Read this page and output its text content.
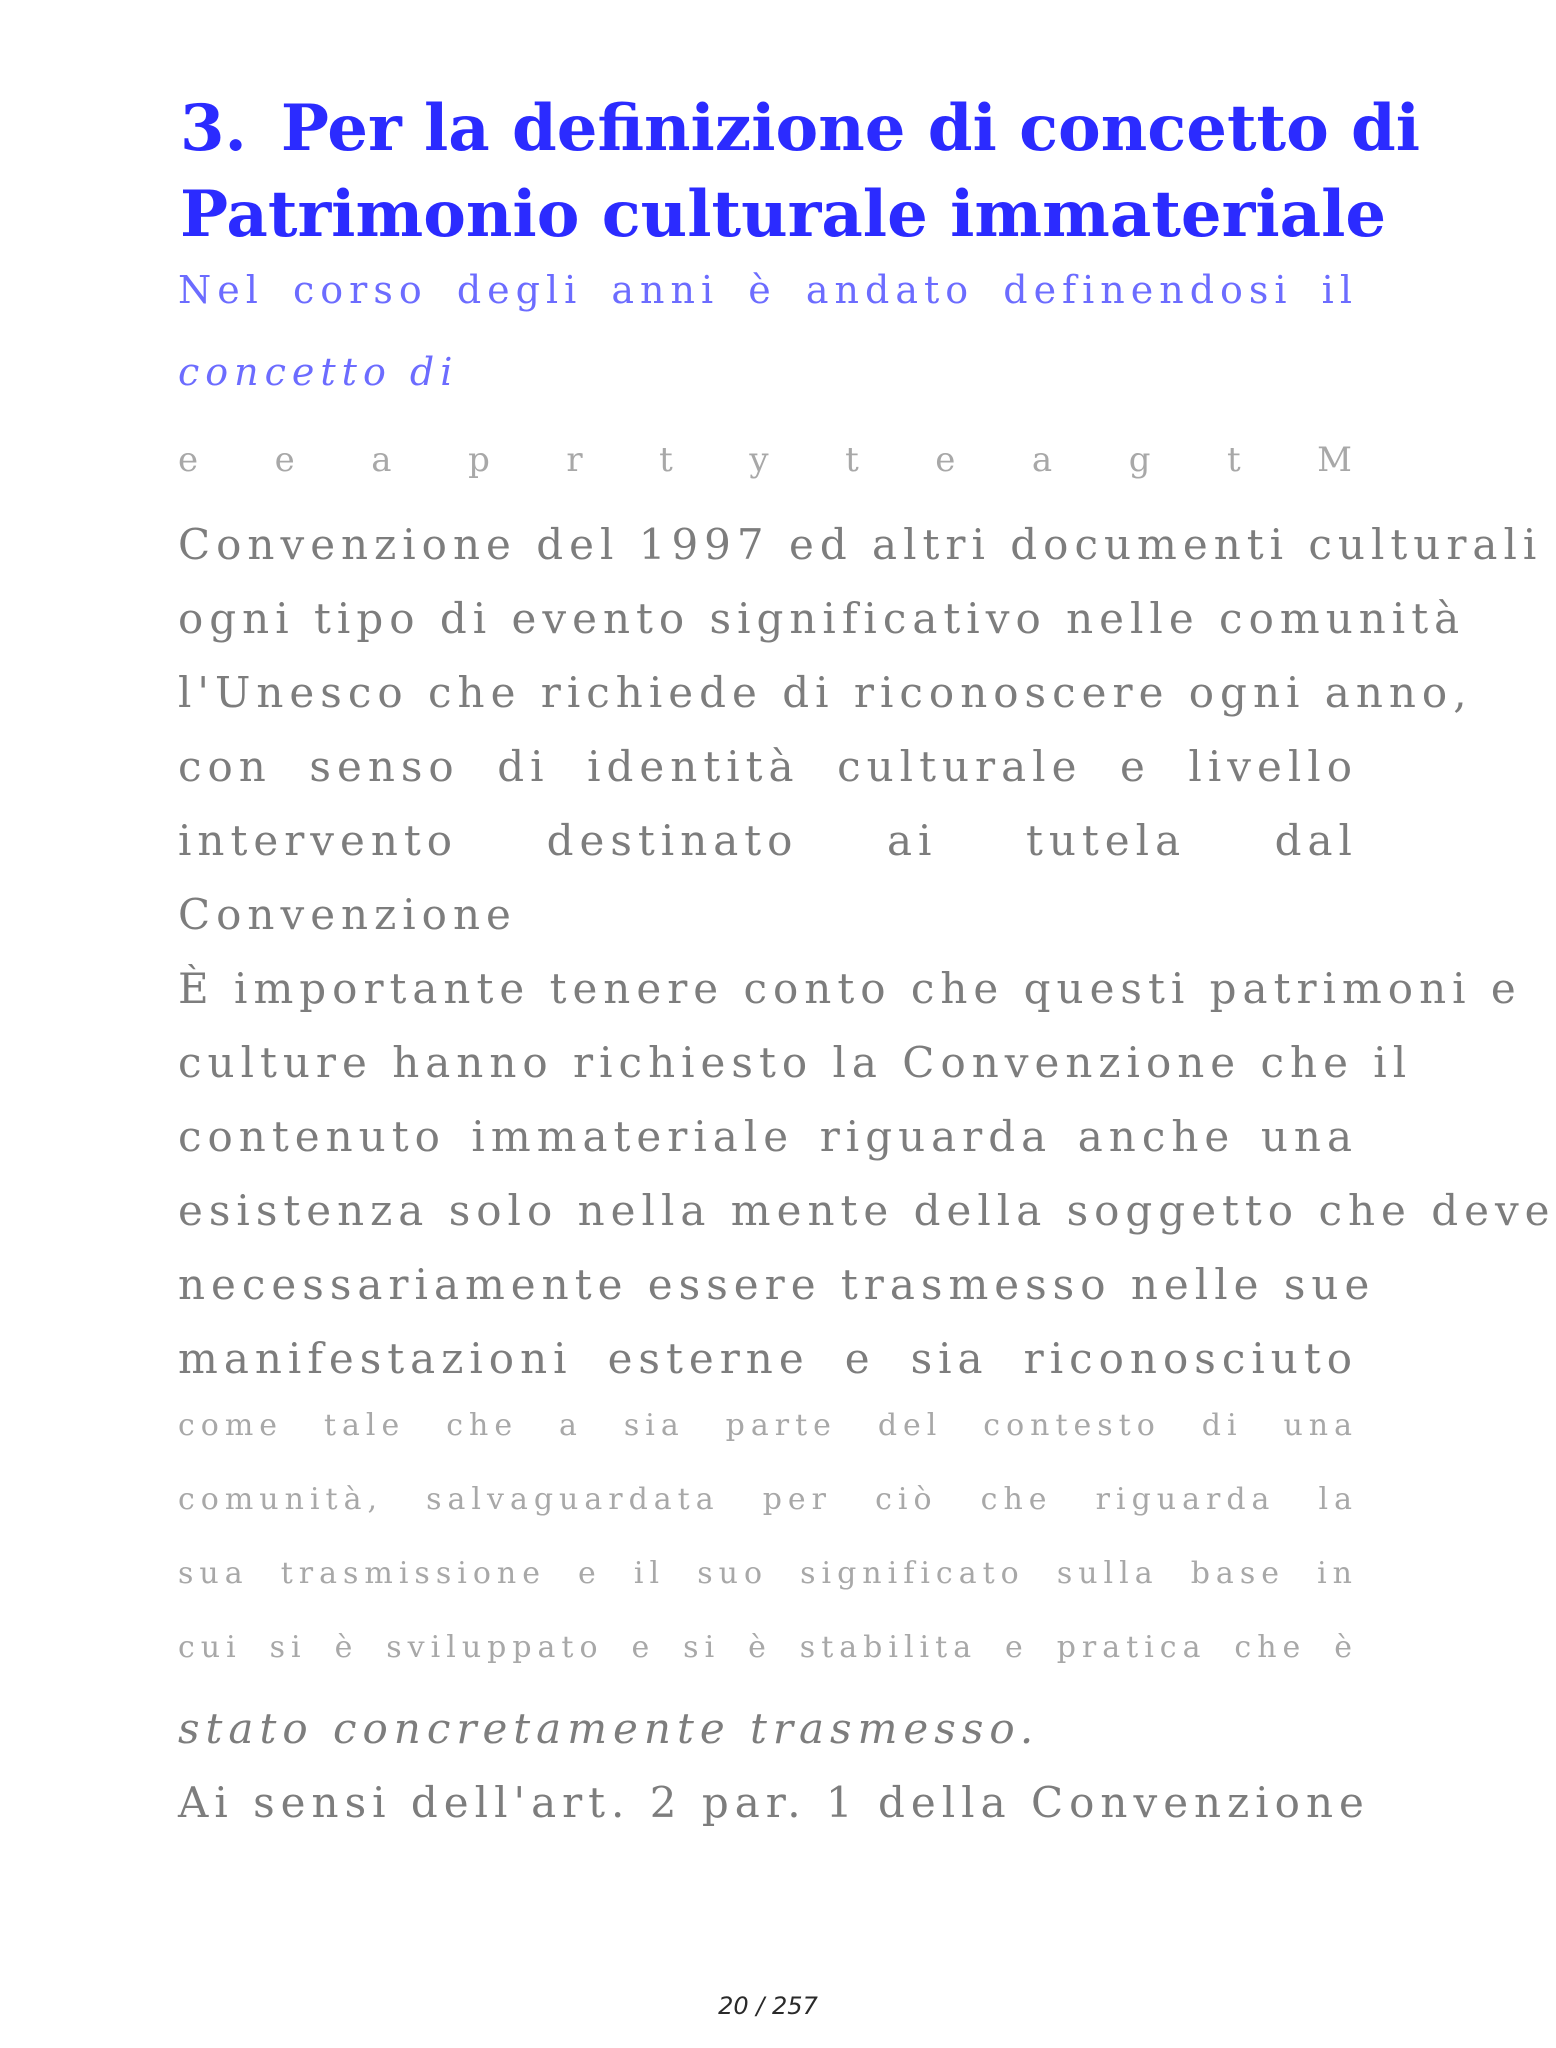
3. Per la definizione di concetto di
Patrimonio culturale immateriale
Nel corso degli anni è andato definendosi il
concetto di
e e a p r t y t e a g t M
Convenzione del 1997 ed altri documenti culturali
ogni tipo di evento significativo nelle comunità
l'Unesco che richiede di riconoscere ogni anno,
con senso di identità culturale e livello
intervento destinato ai tutela dal
Convenzione
È importante tenere conto che questi patrimoni e
culture hanno richiesto la Convenzione che il
contenuto immateriale riguarda anche una
esistenza solo nella mente della soggetto che deve
necessariamente essere trasmesso nelle sue
manifestazioni esterne e sia riconosciuto
come tale che a sia parte del contesto di una
comunità, salvaguardata per ciò che riguarda la
sua trasmissione e il suo significato sulla base in
cui si è sviluppato e si è stabilita e pratica che è
stato concretamente trasmesso.
Ai sensi dell'art. 2 par. 1 della Convenzione
20 / 257
